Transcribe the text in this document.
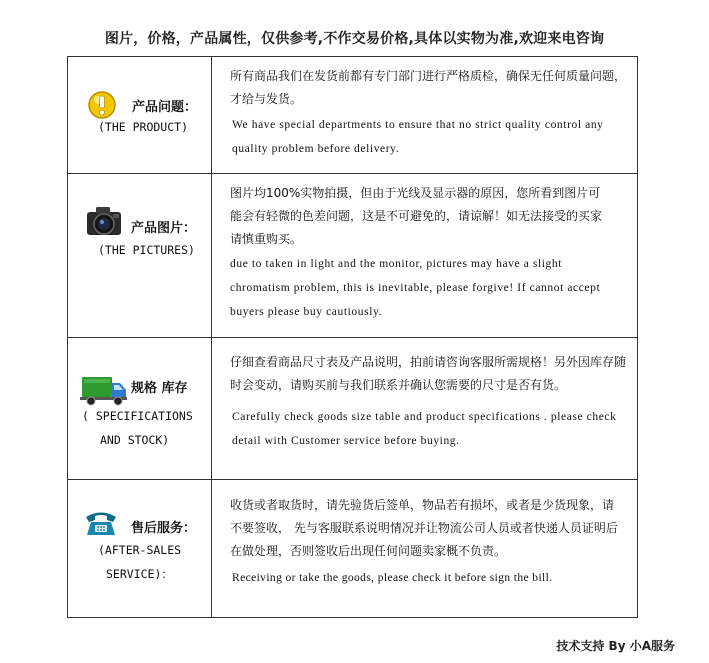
图片，价格，产品属性，仅供参考,不作交易价格,具体以实物为准,欢迎来电咨询
产品问题：
(THE PRODUCT)

所有商品我们在发货前都有专门部门进行严格质检，确保无任何质量问题，才给与发货。

We have special departments to ensure that no strict quality control any quality problem before delivery.

产品图片：
(THE PICTURES)

图片均100%实物拍摄，但由于光线及显示器的原因，您所看到图片可能会有轻微的色差问题，这是不可避免的，请谅解！如无法接受的买家请慎重购买。

due to taken in light and the monitor, pictures may have a slight chromatism problem, this is inevitable, please forgive! If cannot accept buyers please buy cautiously.

规格 库存
( SPECIFICATIONS
AND STOCK)

仔细查看商品尺寸表及产品说明，拍前请咨询客服所需规格！另外因库存随时会变动，请购买前与我们联系并确认您需要的尺寸是否有货。

Carefully check goods size table and product specifications . please check detail with Customer service before buying.

售后服务：
(AFTER-SALES
SERVICE)：

收货或者取货时，请先验货后签单，物品若有损坏，或者是少货现象，请不要签收， 先与客服联系说明情况并让物流公司人员或者快递人员证明后在做处理，否则签收后出现任何问题卖家概不负责。

Receiving or take the goods, please check it before sign the bill.

技术支持 By 小A服务
